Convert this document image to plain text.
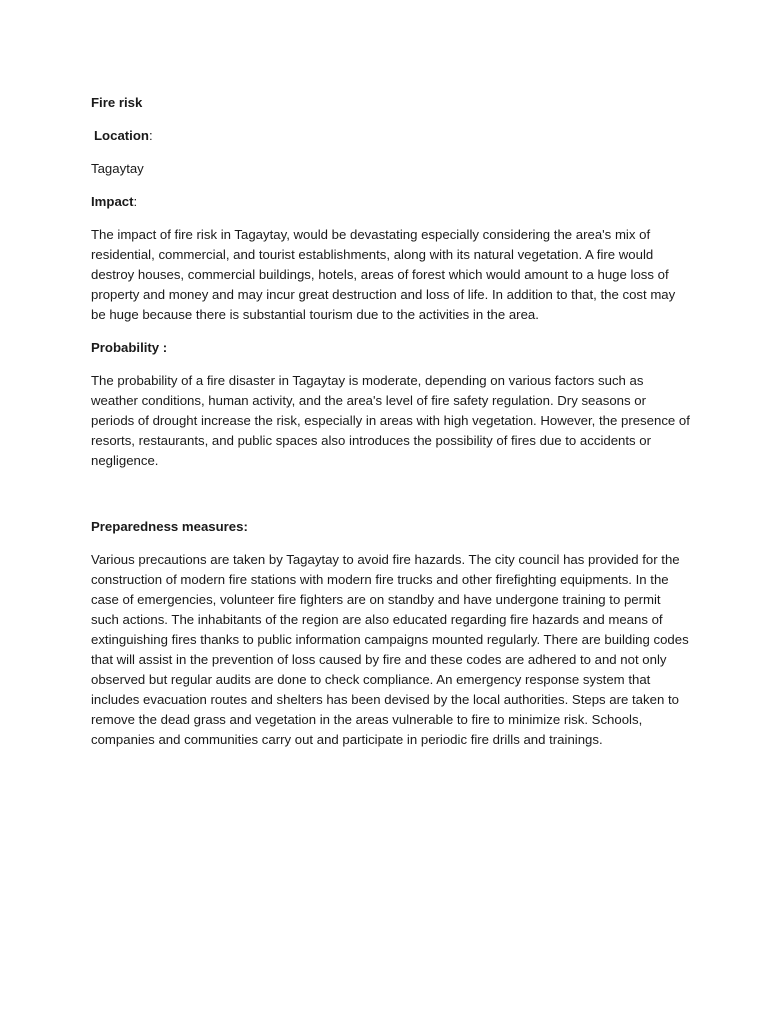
Fire risk

Location:

Tagaytay

Impact:

The impact of fire risk in Tagaytay, would be devastating especially considering the area's mix of residential, commercial, and tourist establishments, along with its natural vegetation. A fire would destroy houses, commercial buildings, hotels, areas of forest which would amount to a huge loss of property and money and may incur great destruction and loss of life. In addition to that, the cost may be huge because there is substantial tourism due to the activities in the area.

Probability :

The probability of a fire disaster in Tagaytay is moderate, depending on various factors such as weather conditions, human activity, and the area's level of fire safety regulation. Dry seasons or periods of drought increase the risk, especially in areas with high vegetation. However, the presence of resorts, restaurants, and public spaces also introduces the possibility of fires due to accidents or negligence.

Preparedness measures:

Various precautions are taken by Tagaytay to avoid fire hazards. The city council has provided for the construction of modern fire stations with modern fire trucks and other firefighting equipments. In the case of emergencies, volunteer fire fighters are on standby and have undergone training to permit such actions. The inhabitants of the region are also educated regarding fire hazards and means of extinguishing fires thanks to public information campaigns mounted regularly. There are building codes that will assist in the prevention of loss caused by fire and these codes are adhered to and not only observed but regular audits are done to check compliance. An emergency response system that includes evacuation routes and shelters has been devised by the local authorities. Steps are taken to remove the dead grass and vegetation in the areas vulnerable to fire to minimize risk. Schools, companies and communities carry out and participate in periodic fire drills and trainings.
